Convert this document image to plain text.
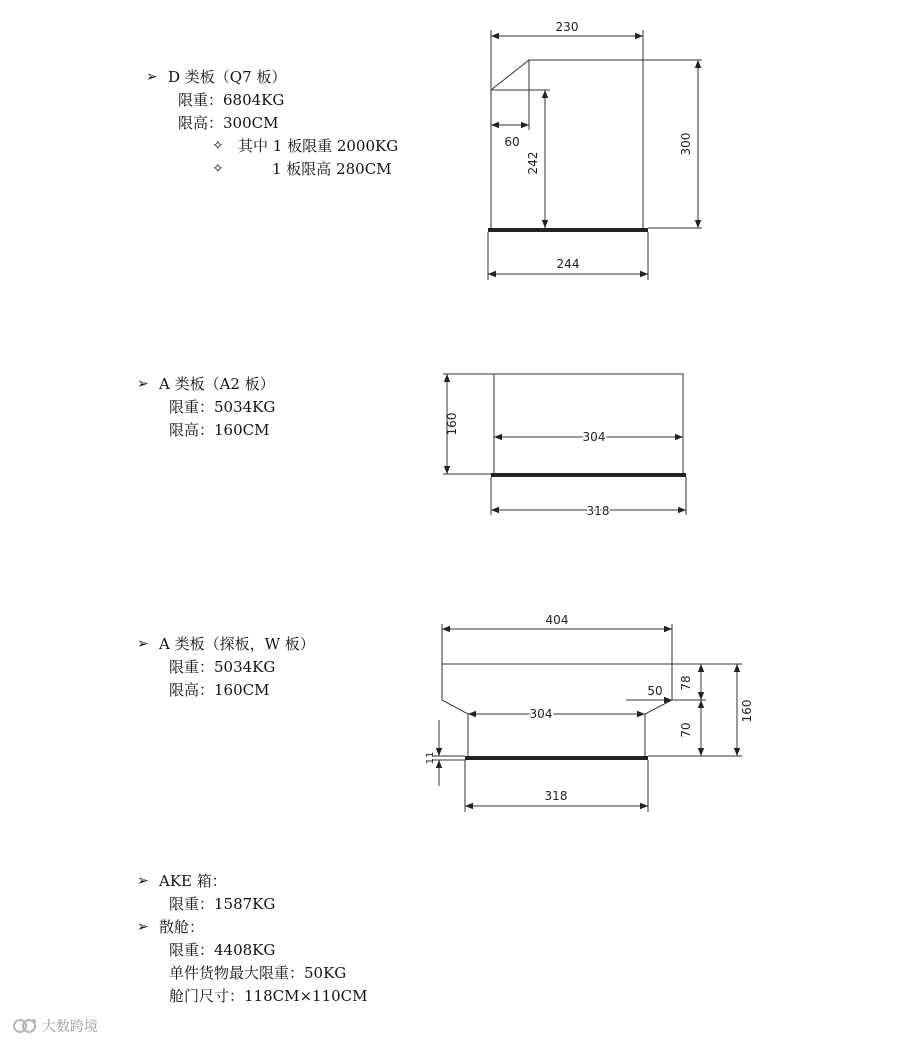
➢ D 类板（Q7 板）
限重：6804KG
限高：300CM
✧ 其中 1 板限重 2000KG
✧	1 板限高 280CM
➢ A 类板（A2 板）
限重：5034KG
限高：160CM
➢ A 类板（探板，W 板）
限重：5034KG
限高：160CM
➢ AKE 箱：
限重：1587KG
➢ 散舱：
限重：4408KG
单件货物最大限重：50KG
舱门尺寸：118CM×110CM
230
300
242
60
244
160
304
318
404
304
50
78
70
160
11
318
大数跨境
